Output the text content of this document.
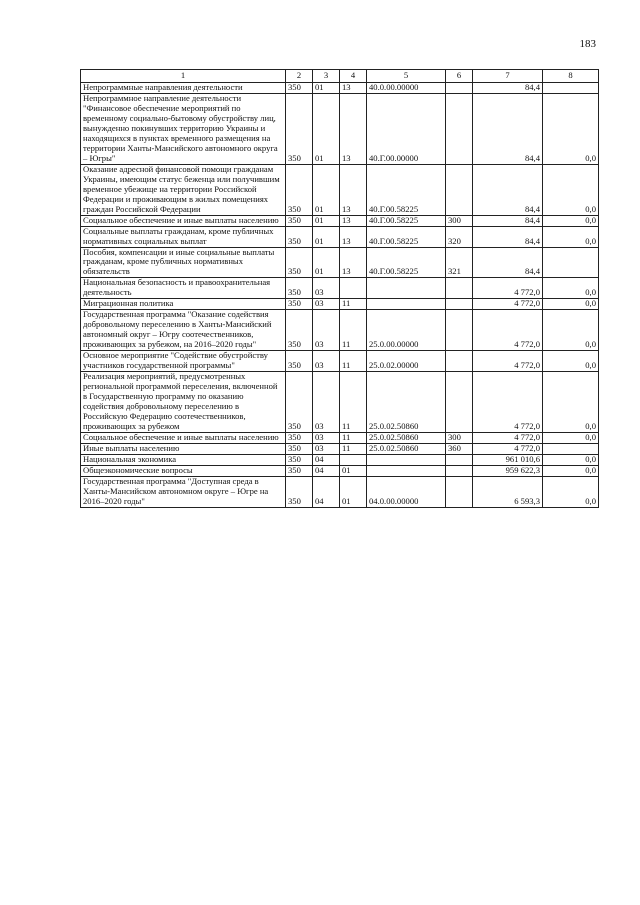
183
1	2	3	4	5	6	7	8
Непрограммные направления деятельности	350	01	13	40.0.00.00000		84,4	
Непрограммное направление деятельности "Финансовое обеспечение мероприятий по временному социально-бытовому обустройству лиц, вынужденно покинувших территорию Украины и находящихся в пунктах временного размещения на территории Ханты-Мансийского автономного округа – Югры"	350	01	13	40.Г.00.00000		84,4	0,0
Оказание адресной финансовой помощи гражданам Украины, имеющим статус беженца или получившим временное убежище на территории Российской Федерации и проживающим в жилых помещениях граждан Российской Федерации	350	01	13	40.Г.00.58225		84,4	0,0
Социальное обеспечение и иные выплаты населению	350	01	13	40.Г.00.58225	300	84,4	0,0
Социальные выплаты гражданам, кроме публичных нормативных социальных выплат	350	01	13	40.Г.00.58225	320	84,4	0,0
Пособия, компенсации и иные социальные выплаты гражданам, кроме публичных нормативных обязательств	350	01	13	40.Г.00.58225	321	84,4	
Национальная безопасность и правоохранительная деятельность	350	03				4 772,0	0,0
Миграционная политика	350	03	11			4 772,0	0,0
Государственная программа "Оказание содействия добровольному переселению в Ханты-Мансийский автономный округ – Югру соотечественников, проживающих за рубежом, на 2016–2020 годы"	350	03	11	25.0.00.00000		4 772,0	0,0
Основное мероприятие "Содействие обустройству участников государственной программы"	350	03	11	25.0.02.00000		4 772,0	0,0
Реализация мероприятий, предусмотренных региональной программой переселения, включенной в Государственную программу по оказанию содействия добровольному переселению в Российскую Федерацию соотечественников, проживающих за рубежом	350	03	11	25.0.02.50860		4 772,0	0,0
Социальное обеспечение и иные выплаты населению	350	03	11	25.0.02.50860	300	4 772,0	0,0
Иные выплаты населению	350	03	11	25.0.02.50860	360	4 772,0	
Национальная экономика	350	04				961 010,6	0,0
Общеэкономические вопросы	350	04	01			959 622,3	0,0
Государственная программа "Доступная среда в Ханты-Мансийском автономном округе – Югре на 2016–2020 годы"	350	04	01	04.0.00.00000		6 593,3	0,0
